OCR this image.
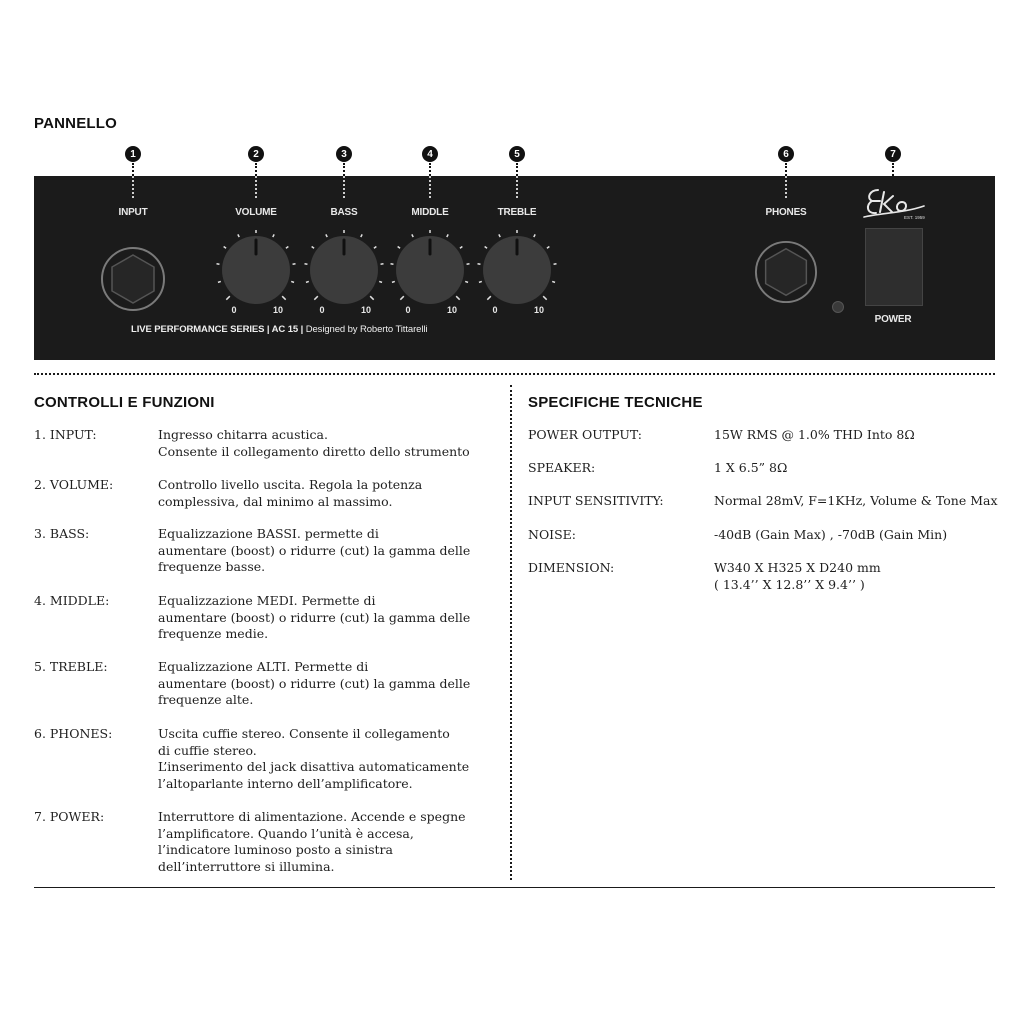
PANNELLO
1	2	3	4	5	6	7
INPUT	VOLUME	BASS	MIDDLE	TREBLE	PHONES
POWER
0	10	0	10	0	10	0	10
LIVE PERFORMANCE SERIES | AC 15 | Designed by Roberto Tittarelli
EST. 1959
CONTROLLI E FUNZIONI
1. INPUT:	Ingresso chitarra acustica.
Consente il collegamento diretto dello strumento
2. VOLUME:	Controllo livello uscita. Regola la potenza
complessiva, dal minimo al massimo.
3. BASS:	Equalizzazione BASSI. permette di
aumentare (boost) o ridurre (cut) la gamma delle
frequenze basse.
4. MIDDLE:	Equalizzazione MEDI. Permette di
aumentare (boost) o ridurre (cut) la gamma delle
frequenze medie.
5. TREBLE:	Equalizzazione ALTI. Permette di
aumentare (boost) o ridurre (cut) la gamma delle
frequenze alte.
6. PHONES:	Uscita cuffie stereo. Consente il collegamento
di cuffie stereo.
L’inserimento del jack disattiva automaticamente
l’altoparlante interno dell’amplificatore.
7. POWER:	Interruttore di alimentazione. Accende e spegne
l’amplificatore. Quando l’unità è accesa,
l’indicatore luminoso posto a sinistra
dell’interruttore si illumina.
SPECIFICHE TECNICHE
POWER OUTPUT:	15W RMS @ 1.0% THD Into 8Ω
SPEAKER:	1 X 6.5” 8Ω
INPUT SENSITIVITY:	Normal 28mV, F=1KHz, Volume & Tone Max
NOISE:	-40dB (Gain Max) , -70dB (Gain Min)
DIMENSION:	W340 X H325 X D240 mm
( 13.4’’ X 12.8’’ X 9.4’’ )
